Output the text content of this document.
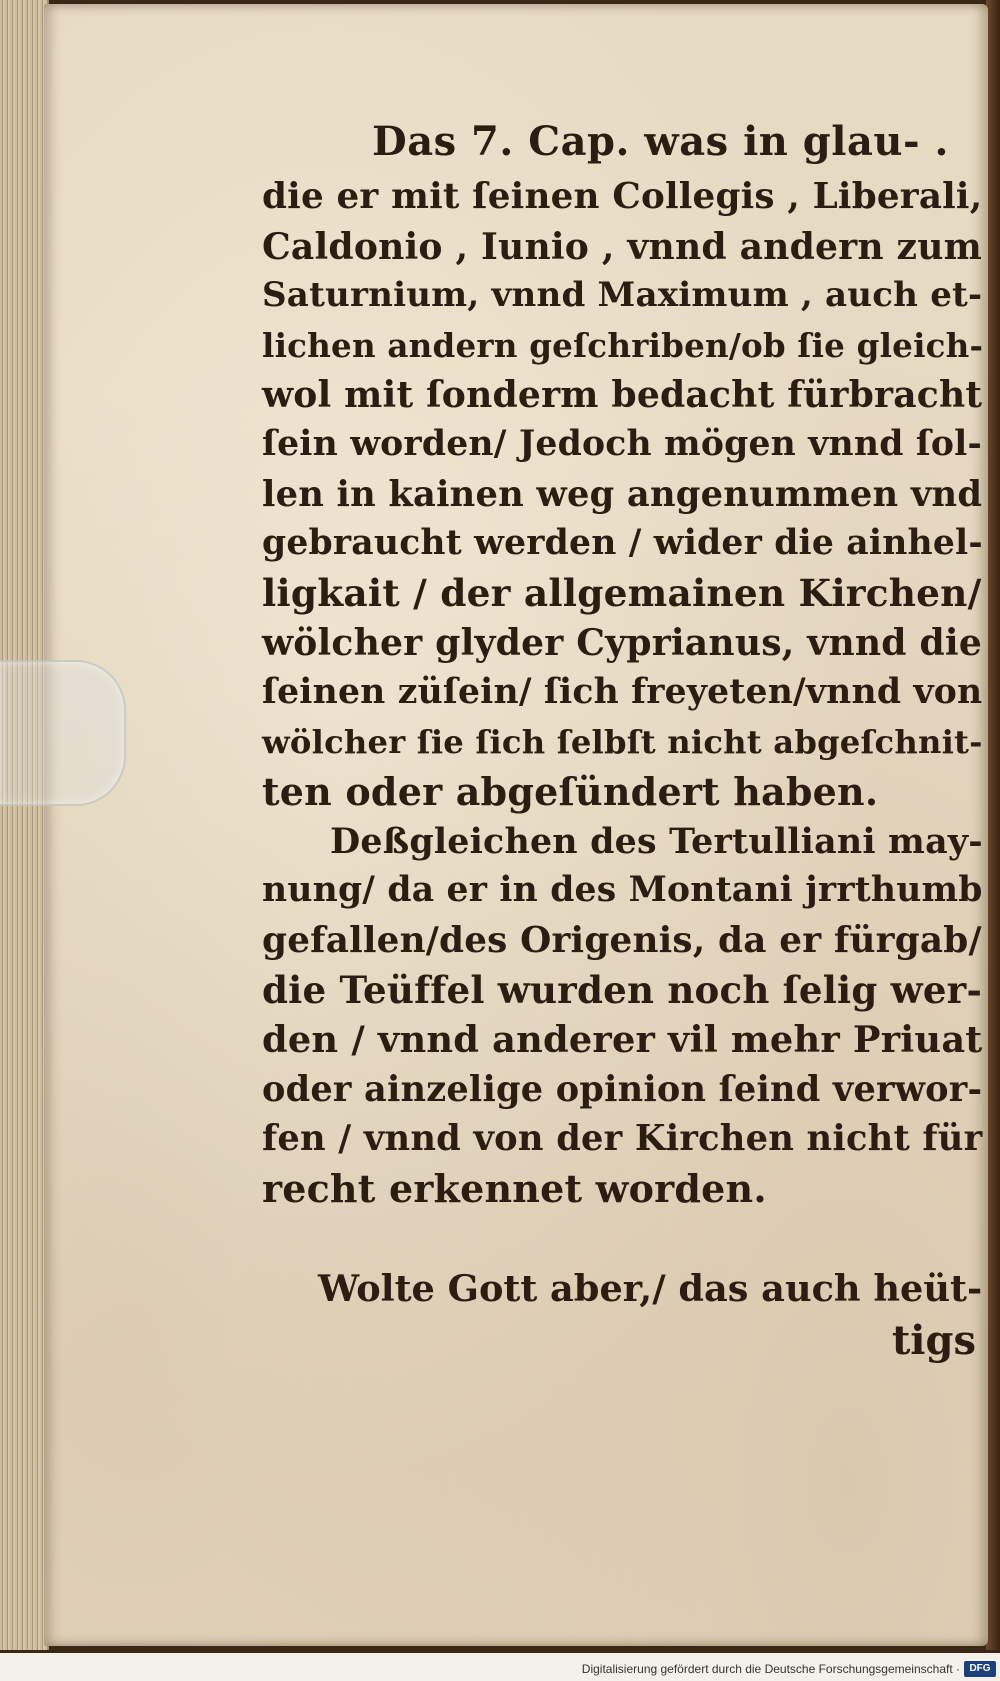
Das 7. Cap. was in glau- .
die er mit ſeinen Collegis , Liberali,
Caldonio , Iunio , vnnd andern zum
Saturnium, vnnd Maximum , auch et-
lichen andern geſchriben/ob ſie gleich-
wol mit ſonderm bedacht fürbracht
ſein worden/ Jedoch mögen vnnd ſol-
len in kainen weg angenummen vnd
gebraucht werden / wider die ainhel-
ligkait / der allgemainen Kirchen/
wölcher glyder Cyprianus, vnnd die
ſeinen züſein/ ſich freyeten/vnnd von
wölcher ſie ſich ſelbſt nicht abgeſchnit-
ten oder abgeſündert haben.
Deßgleichen des Tertulliani may-
nung/ da er in des Montani jrrthumb
gefallen/des Origenis, da er fürgab/
die Teüffel wurden noch ſelig wer-
den / vnnd anderer vil mehr Priuat
oder ainzelige opinion ſeind verwor-
fen / vnnd von der Kirchen nicht für
recht erkennet worden.
Wolte Gott aber,/ das auch heüt-
tigs
Digitalisierung gefördert durch die Deutsche Forschungsgemeinschaft · DFG
